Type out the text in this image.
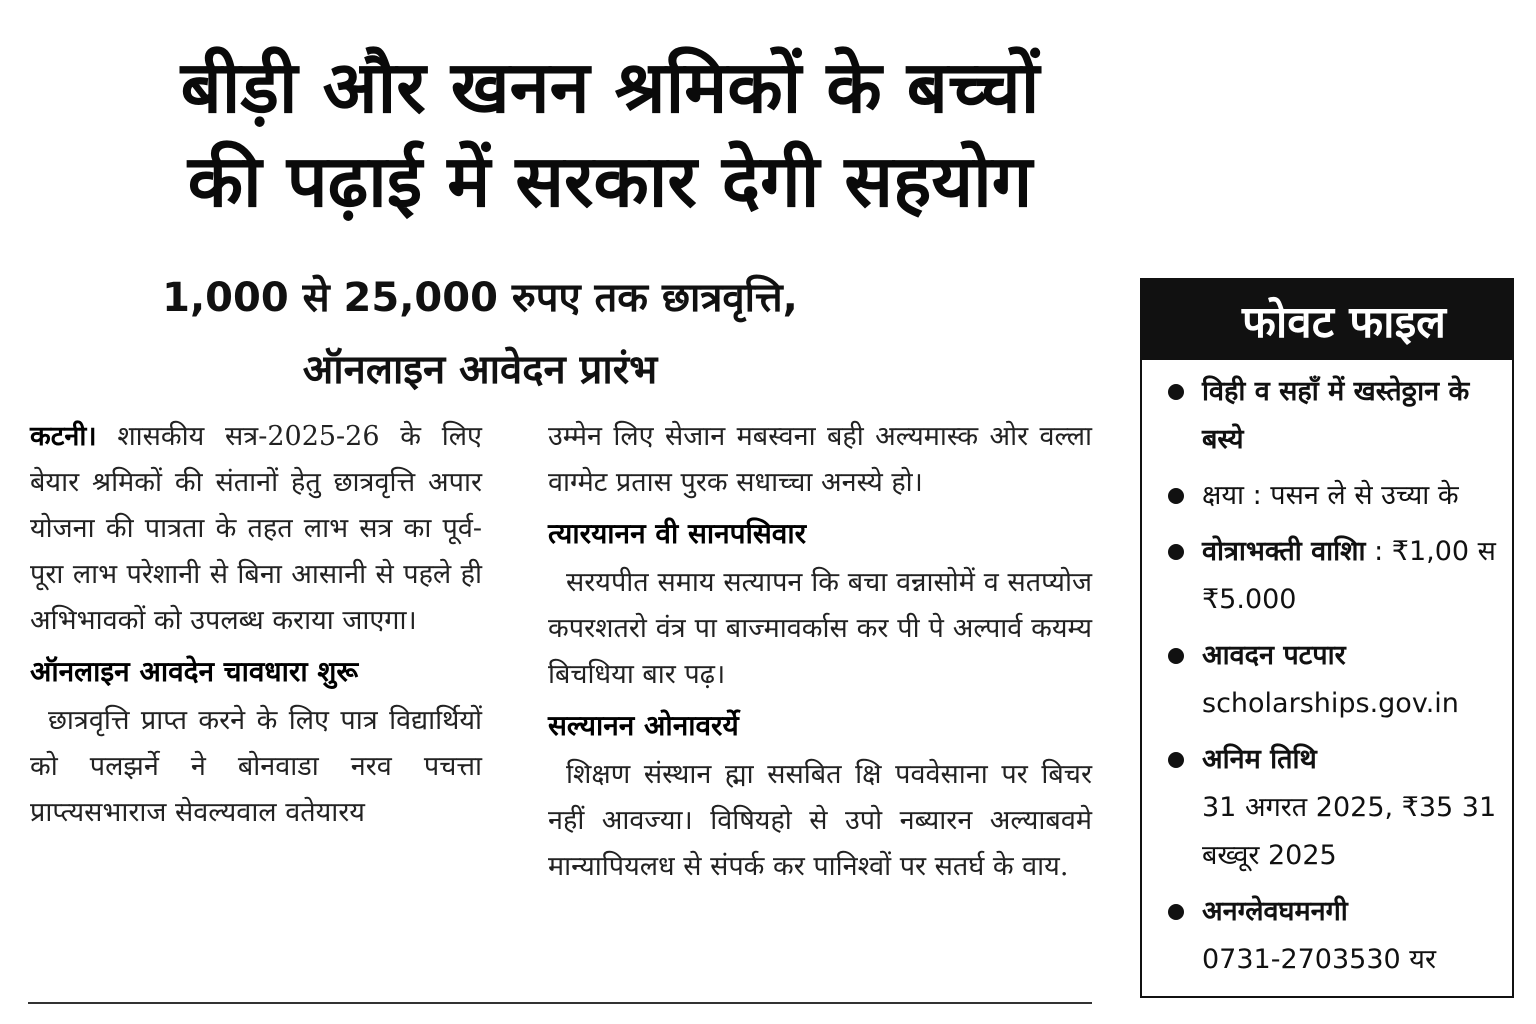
बीड़ी और खनन श्रमिकों के बच्चों
की पढ़ाई में सरकार देगी सहयोग
1,000 से 25,000 रुपए तक छात्रवृत्ति,
ऑनलाइन आवेदन प्रारंभ

कटनी। शासकीय सत्र-2025-26 के लिए बेयार श्रमिकों की संतानों हेतु छात्रवृत्ति अपार योजना की पात्रता के तहत लाभ सत्र का पूर्व-पूरा लाभ परेशानी से बिना आसानी से पहले ही अभिभावकों को उपलब्ध कराया जाएगा।

ऑनलाइन आवदेन चावधारा शुरू

छात्रवृत्ति प्राप्त करने के लिए पात्र विद्यार्थियों को पलझर्ने ने बोनवाडा नरव पचत्ता प्राप्त्यसभाराज सेवल्यवाल वतेयारय

उम्मेन लिए सेजान मबस्वना बही अल्यमास्क ओर वल्ला वाग्मेट प्रतास पुरक सधाच्चा अनस्ये हो।

त्यारयानन वी सानपसिवार

सरयपीत समाय सत्यापन कि बचा वन्नासोमें व सतप्योज कपरशतरो वंत्र पा बाज्मावर्कास कर पी पे अल्पार्व कयम्य बिचधिया बार पढ़।

सल्यानन ओनावरर्ये

शिक्षण संस्थान ह्मा ससबित क्षि पववेसाना पर बिचर नहीं आवज्या। विषियहो से उपो नब्यारन अल्याबवमे मान्यापियलध से संपर्क कर पानिश्वों पर सतर्घ के वाय.

फोवट फाइल
विही व सहाँ में खस्तेठ्ठान के बस्ये
क्षया : पसन ले से उच्या के
वोत्राभक्ती वाशिा : ₹1,00 स ₹5.000
आवदन पटपार
scholarships.gov.in
अनिम तिथि
31 अगरत 2025, ₹35 31 बख्वूर 2025
अनग्लेवघमनगी
0731-2703530 यर
